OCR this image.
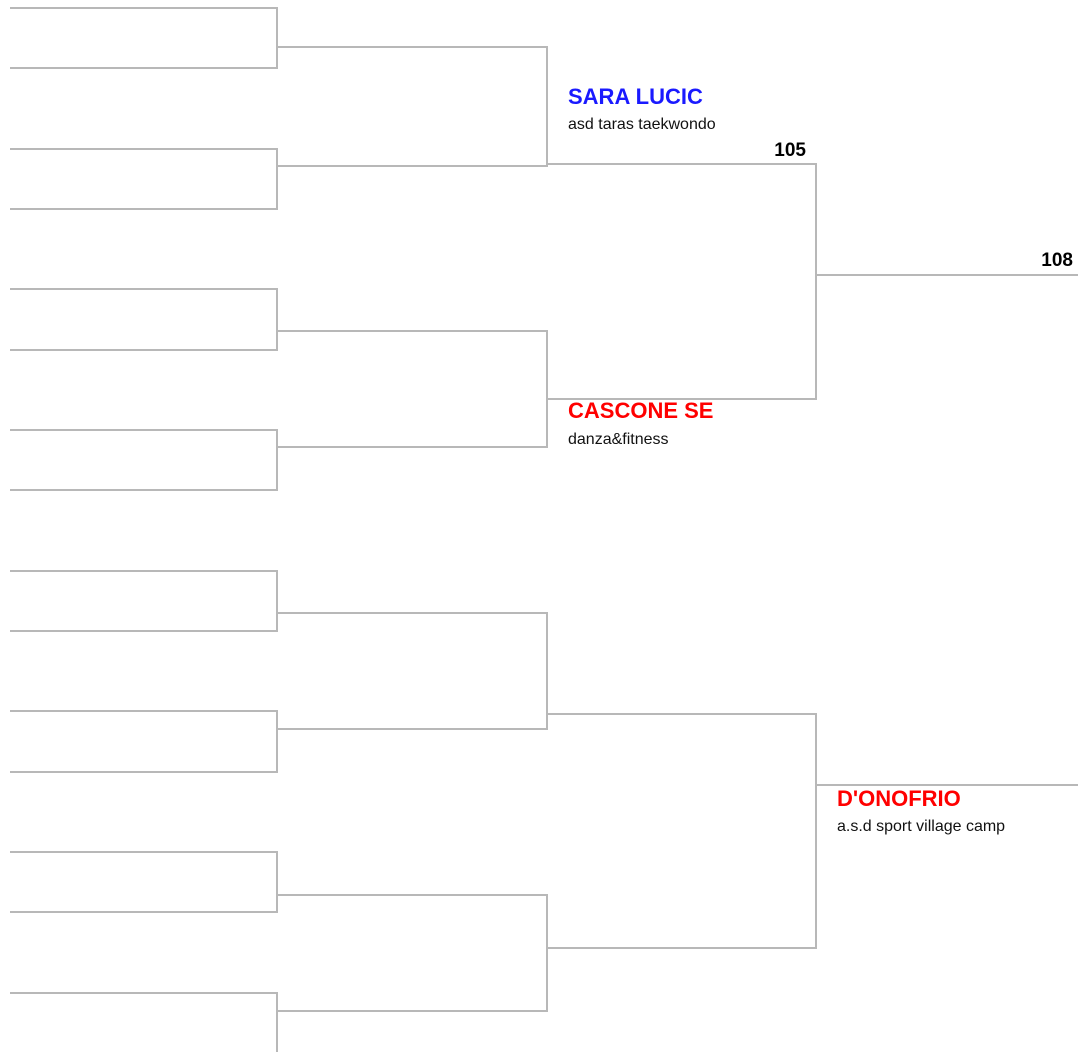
SARA LUCIC
asd taras taekwondo
CASCONE SE
danza&fitness
D'ONOFRIO
a.s.d sport village camp
105
108
